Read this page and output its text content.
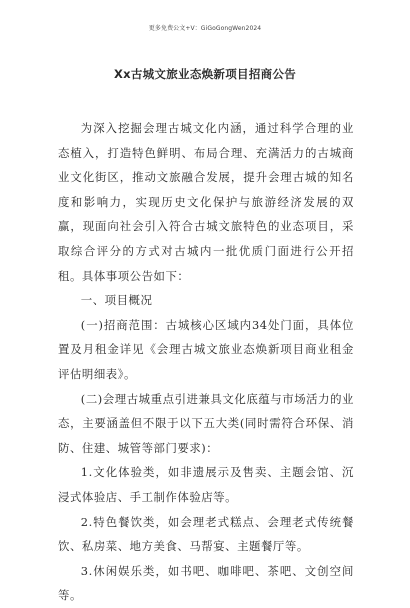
更多免费公文+V：GiGoGongWen2024
Xx古城文旅业态焕新项目招商公告

为深入挖掘会理古城文化内涵，通过科学合理的业态植入，打造特色鲜明、布局合理、充满活力的古城商业文化街区，推动文旅融合发展，提升会理古城的知名度和影响力，实现历史文化保护与旅游经济发展的双赢，现面向社会引入符合古城文旅特色的业态项目，采取综合评分的方式对古城内一批优质门面进行公开招租。具体事项公告如下：

一、项目概况

(一)招商范围：古城核心区域内34处门面，具体位置及月租金详见《会理古城文旅业态焕新项目商业租金评估明细表》。

(二)会理古城重点引进兼具文化底蕴与市场活力的业态，主要涵盖但不限于以下五大类(同时需符合环保、消防、住建、城管等部门要求)：

1.文化体验类，如非遗展示及售卖、主题会馆、沉浸式体验店、手工制作体验店等。

2.特色餐饮类，如会理老式糕点、会理老式传统餐饮、私房菜、地方美食、马帮宴、主题餐厅等。

3.休闲娱乐类，如书吧、咖啡吧、茶吧、文创空间等。
